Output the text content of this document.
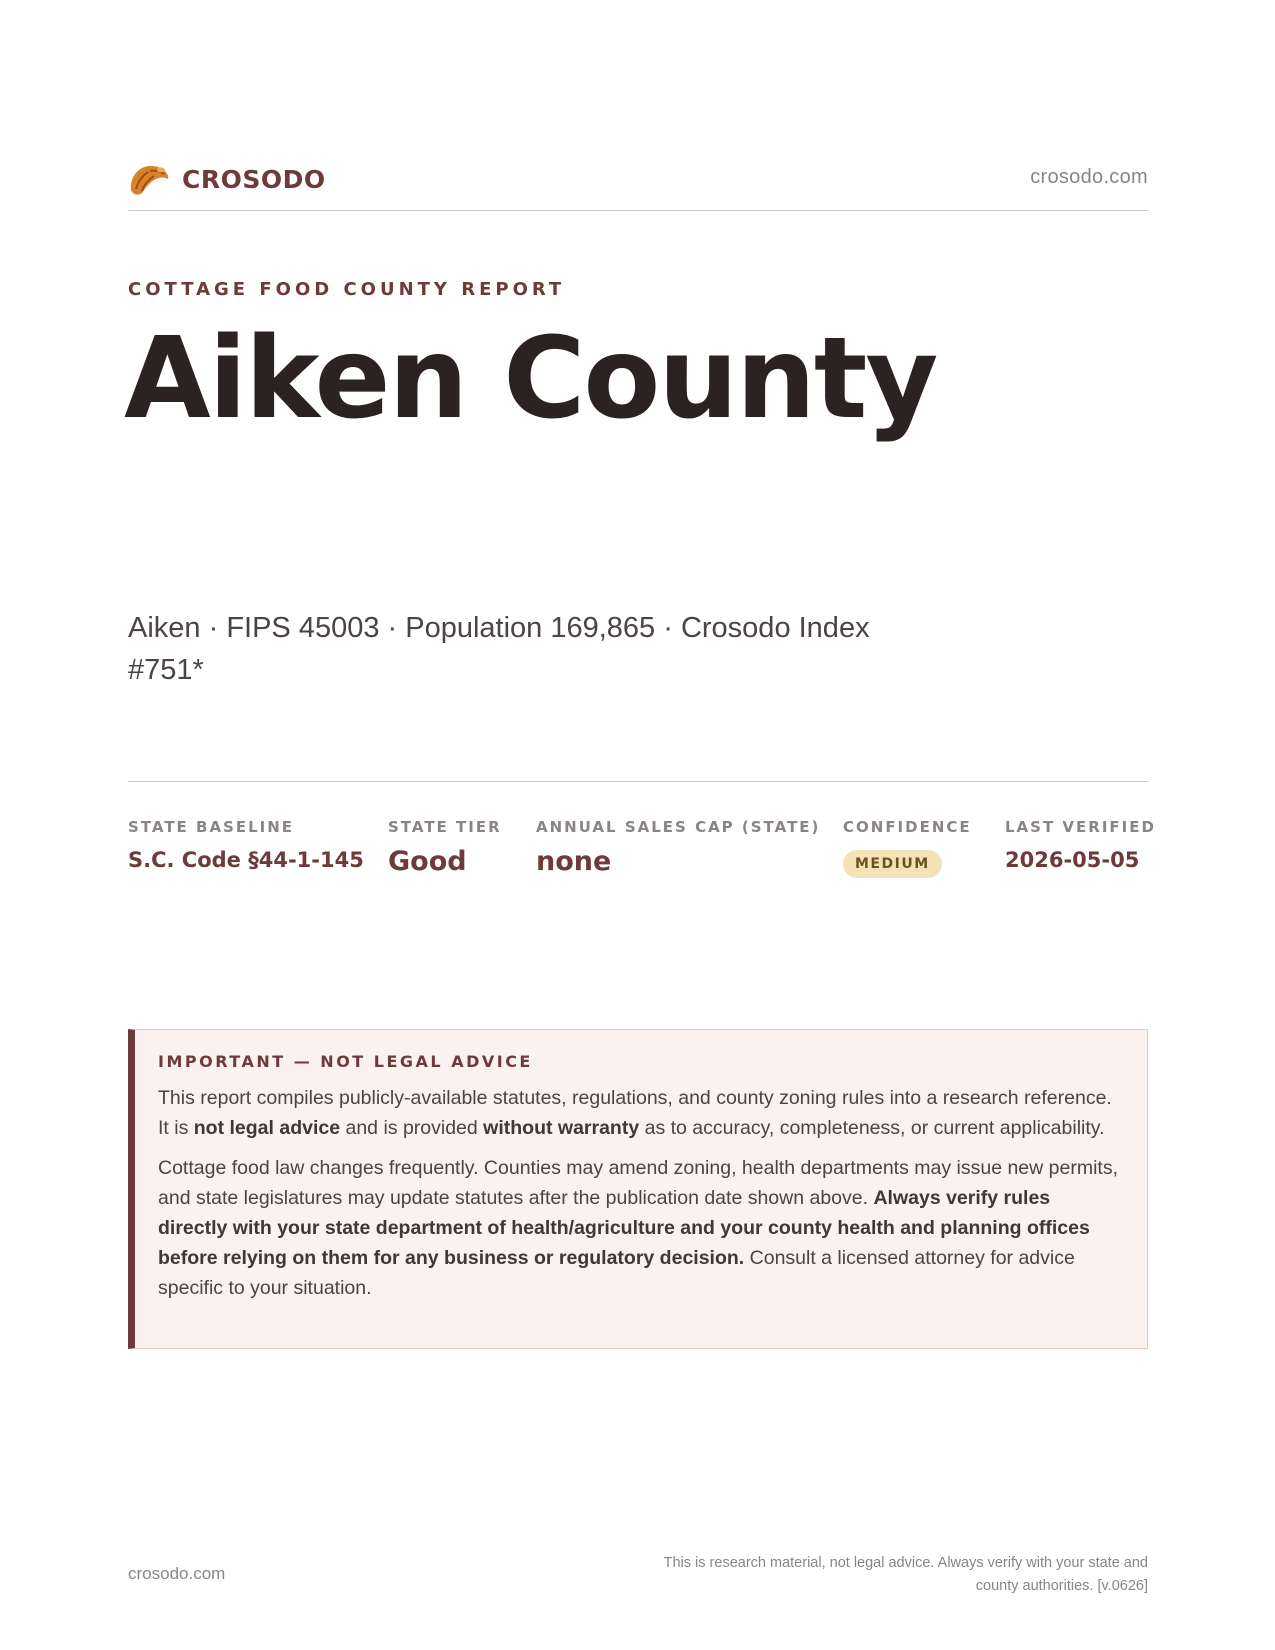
CROSODO	crosodo.com
COTTAGE FOOD COUNTY REPORT
Aiken County
Aiken · FIPS 45003 · Population 169,865 · Crosodo Index #751*
STATE BASELINE
S.C. Code §44-1-145
STATE TIER
Good
ANNUAL SALES CAP (STATE)
none
CONFIDENCE
MEDIUM
LAST VERIFIED
2026-05-05
IMPORTANT — NOT LEGAL ADVICE

This report compiles publicly-available statutes, regulations, and county zoning rules into a research reference. It is not legal advice and is provided without warranty as to accuracy, completeness, or current applicability.

Cottage food law changes frequently. Counties may amend zoning, health departments may issue new permits, and state legislatures may update statutes after the publication date shown above. Always verify rules directly with your state department of health/agriculture and your county health and planning offices before relying on them for any business or regulatory decision. Consult a licensed attorney for advice specific to your situation.

crosodo.com
This is research material, not legal advice. Always verify with your state and county authorities. [v.0626]
